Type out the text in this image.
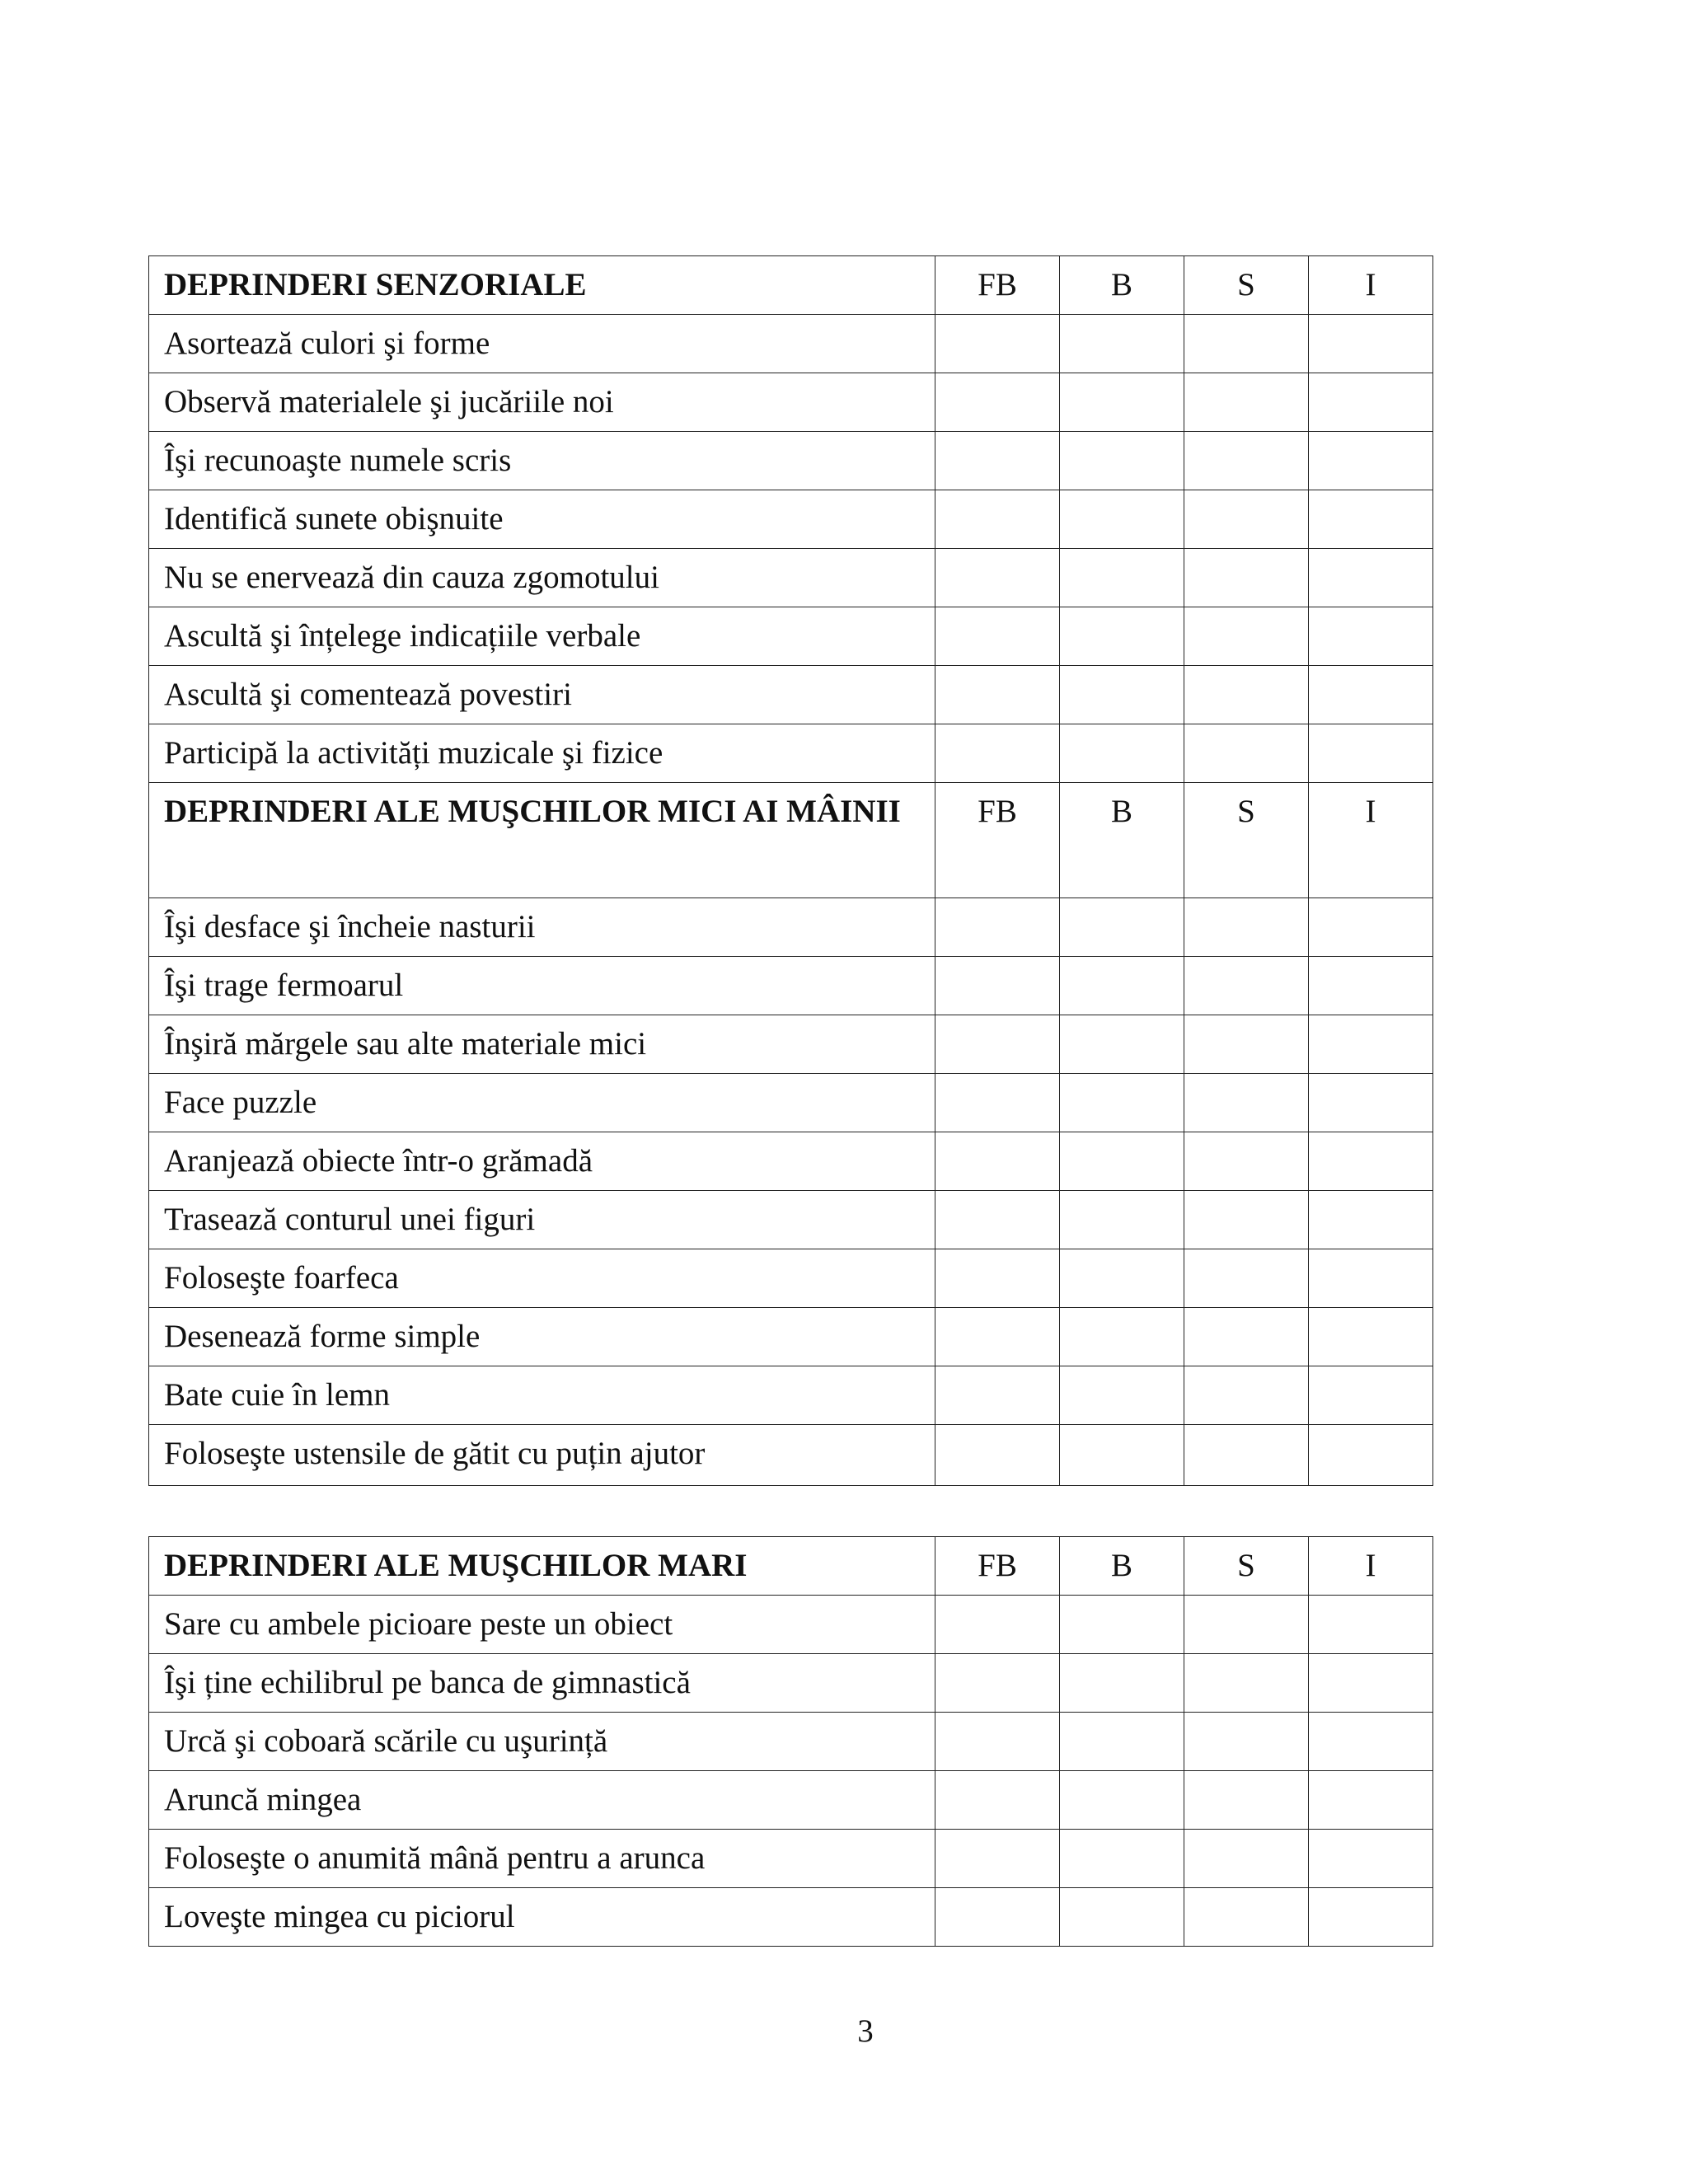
DEPRINDERI SENZORIALE	FB	B	S	I
Asortează culori şi forme				
Observă materialele şi jucăriile noi				
Îşi recunoaşte numele scris				
Identifică sunete obişnuite				
Nu se enervează din cauza zgomotului				
Ascultă şi înțelege indicațiile verbale				
Ascultă şi comentează povestiri				
Participă la activități muzicale şi fizice				
DEPRINDERI ALE MUŞCHILOR MICI AI MÂINII	FB	B	S	I
Îşi desface şi încheie nasturii				
Îşi trage fermoarul				
Înşiră mărgele sau alte materiale mici				
Face puzzle				
Aranjează obiecte într-o grămadă				
Trasează conturul unei figuri				
Foloseşte foarfeca				
Desenează forme simple				
Bate cuie în lemn				
Foloseşte ustensile de gătit cu puțin ajutor				
DEPRINDERI ALE MUŞCHILOR MARI	FB	B	S	I
Sare cu ambele picioare peste un obiect				
Îşi ține echilibrul pe banca de gimnastică				
Urcă şi coboară scările cu uşurință				
Aruncă mingea				
Foloseşte o anumită mână pentru a arunca				
Loveşte mingea cu piciorul				
3
